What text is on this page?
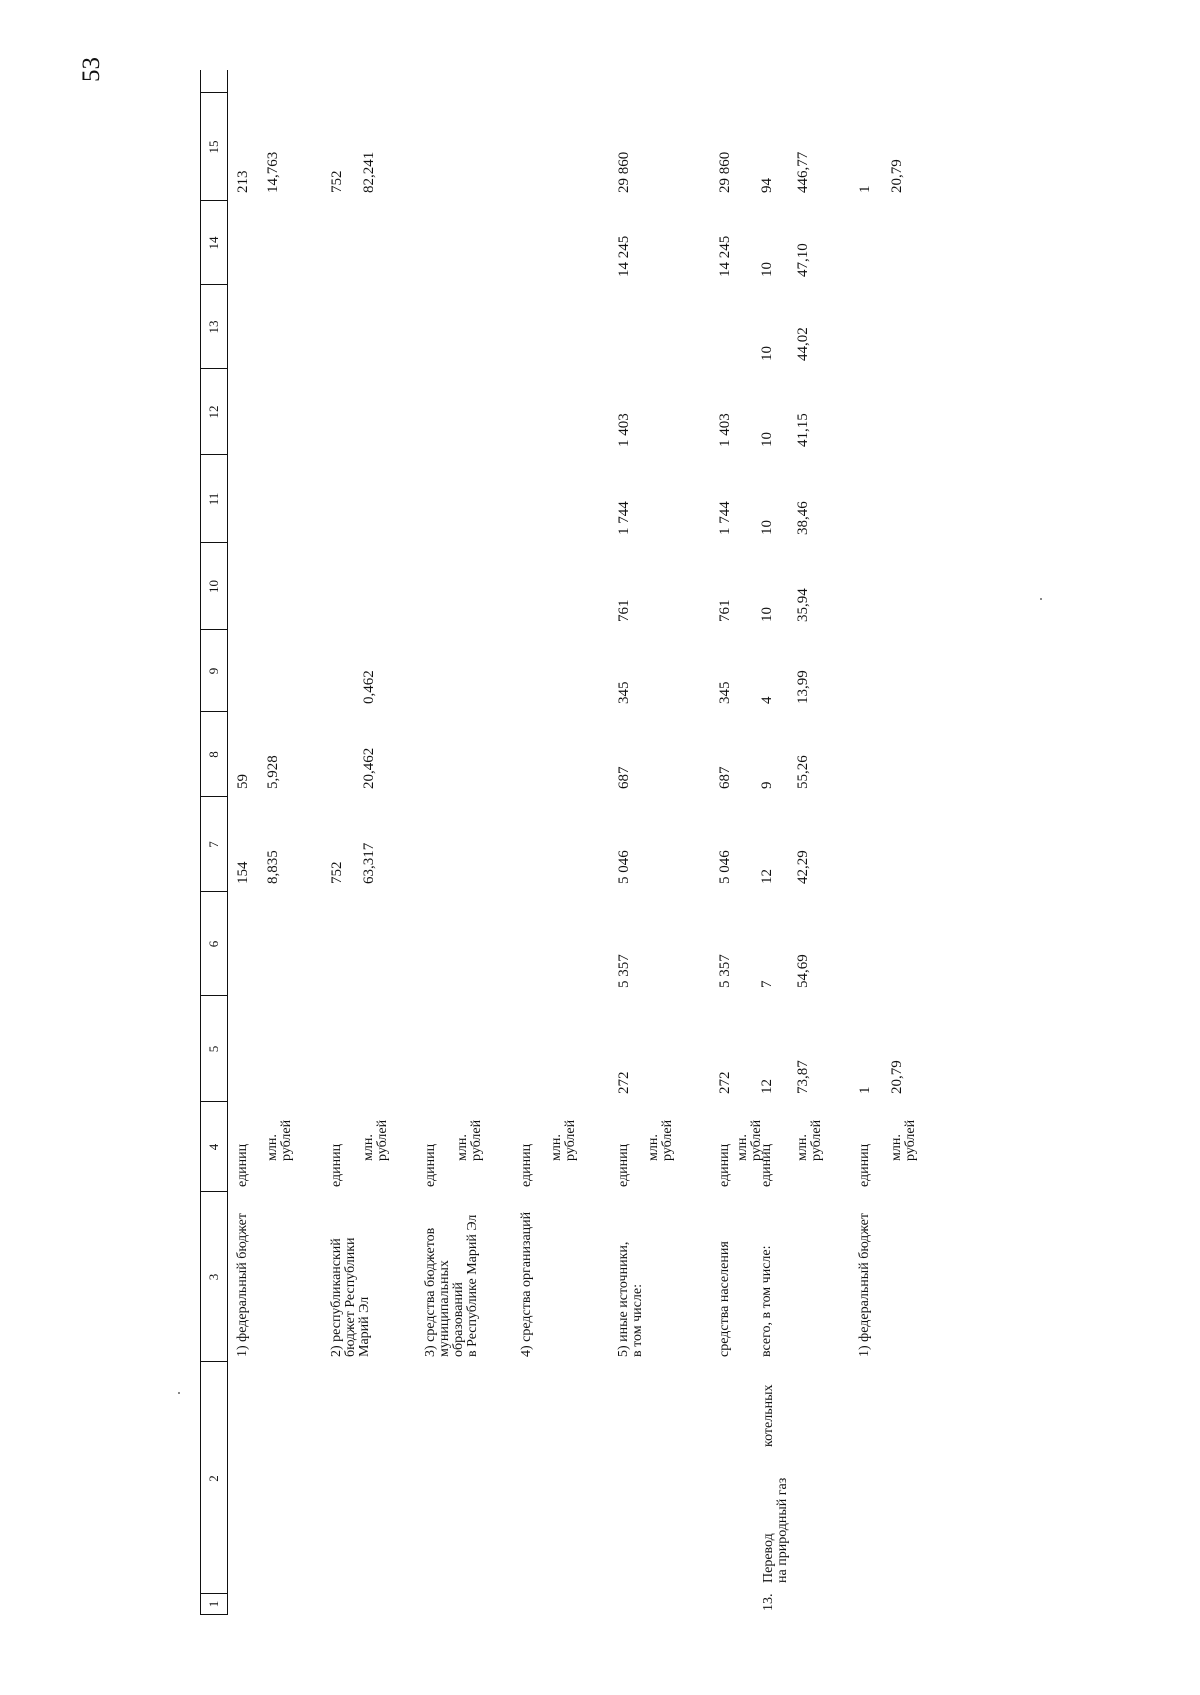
53
1
2
3
4
5
6
7
8
9
10
11
12
13
14
15
1) федеральный бюджет
единиц
154
59
213
млн.
рублей
8,835
5,928
14,763
2) республиканский
бюджет Республики
Марий Эл
единиц
752
752
млн.
рублей
63,317
20,462
0,462
82,241
3) средства бюджетов
муниципальных
образований
в Республике Марий Эл
единиц млн.
рублей
4) средства организаций
единиц млн.
рублей
5) иные источники,
в том числе:
единиц
272
5 357
5 046
687
345
761
1 744
1 403
14 245
29 860
млн.
рублей
средства населения
единиц
272
5 357
5 046
687
345
761
1 744
1 403
14 245
29 860
млн.
рублей
13.
Перевод
на природный газ
котельных
всего, в том числе:
единиц
12
7
12
9
4
10
10
10
10
10
94
млн.
рублей
73,87
54,69
42,29
55,26
13,99
35,94
38,46
41,15
44,02
47,10
446,77
1) федеральный бюджет
единиц
1
1
млн.
рублей
20,79
20,79
